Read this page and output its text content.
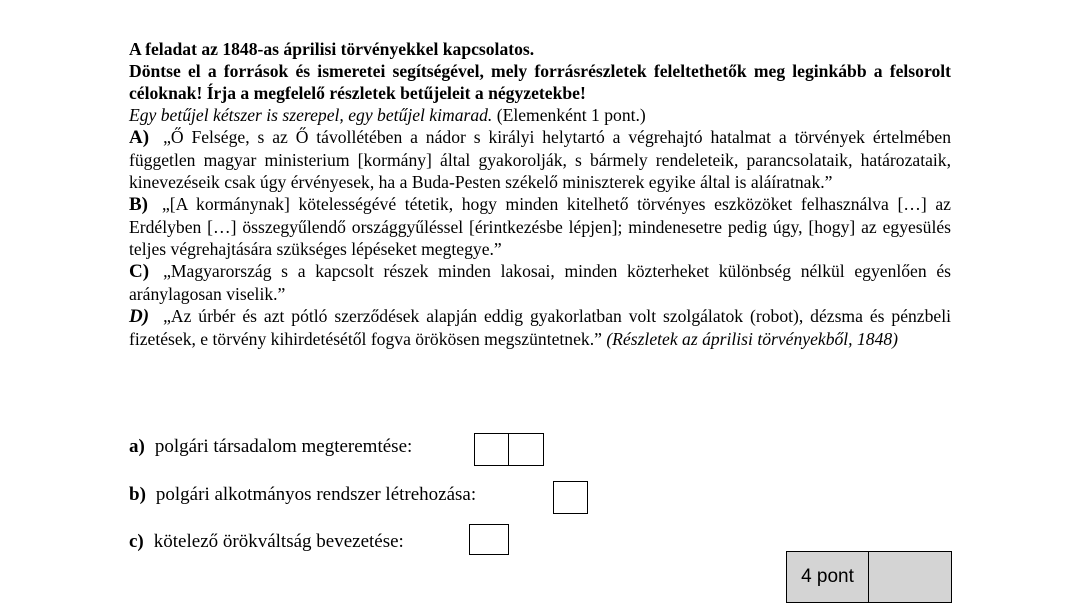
A feladat az 1848-as áprilisi törvényekkel kapcsolatos.
Döntse el a források és ismeretei segítségével, mely forrásrészletek feleltethetők meg leginkább a felsorolt céloknak! Írja a megfelelő részletek betűjeleit a négyzetekbe!
Egy betűjel kétszer is szerepel, egy betűjel kimarad. (Elemenként 1 pont.)

A) „Ő Felsége, s az Ő távollétében a nádor s királyi helytartó a végrehajtó hatalmat a törvények értelmében független magyar ministerium [kormány] által gyakorolják, s bármely rendeleteik, parancsolataik, határozataik, kinevezéseik csak úgy érvényesek, ha a Buda-Pesten székelő miniszterek egyike által is aláíratnak.”

B) „[A kormánynak] kötelességévé tétetik, hogy minden kitelhető törvényes eszközöket felhasználva […] az Erdélyben […] összegyűlendő országgyűléssel [érintkezésbe lépjen]; mindenesetre pedig úgy, [hogy] az egyesülés teljes végrehajtására szükséges lépéseket megtegye.”

C) „Magyarország s a kapcsolt részek minden lakosai, minden közterheket különbség nélkül egyenlően és aránylagosan viselik.”

D) „Az úrbér és azt pótló szerződések alapján eddig gyakorlatban volt szolgálatok (robot), dézsma és pénzbeli fizetések, e törvény kihirdetésétől fogva örökösen megszüntetnek.” (Részletek az áprilisi törvényekből, 1848)

a) polgári társadalom megteremtése:
b) polgári alkotmányos rendszer létrehozása:
c) kötelező örökváltság bevezetése:
4 pont
